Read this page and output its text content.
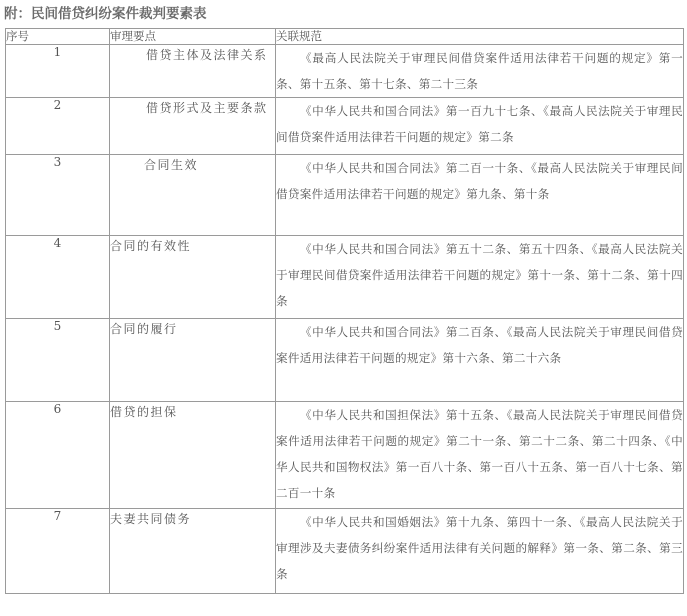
附：民间借贷纠纷案件裁判要素表
序号	审理要点	关联规范
1	借贷主体及法律关系	《最高人民法院关于审理民间借贷案件适用法律若干问题的规定》第一条、第十五条、第十七条、第二十三条
2	借贷形式及主要条款	《中华人民共和国合同法》第一百九十七条、《最高人民法院关于审理民间借贷案件适用法律若干问题的规定》第二条
3	合同生效	《中华人民共和国合同法》第二百一十条、《最高人民法院关于审理民间借贷案件适用法律若干问题的规定》第九条、第十条
4	合同的有效性	《中华人民共和国合同法》第五十二条、第五十四条、《最高人民法院关于审理民间借贷案件适用法律若干问题的规定》第十一条、第十二条、第十四条
5	合同的履行	《中华人民共和国合同法》第二百条、《最高人民法院关于审理民间借贷案件适用法律若干问题的规定》第十六条、第二十六条
6	借贷的担保	《中华人民共和国担保法》第十五条、《最高人民法院关于审理民间借贷案件适用法律若干问题的规定》第二十一条、第二十二条、第二十四条、《中华人民共和国物权法》第一百八十条、第一百八十五条、第一百八十七条、第二百一十条
7	夫妻共同债务	《中华人民共和国婚姻法》第十九条、第四十一条、《最高人民法院关于审理涉及夫妻债务纠纷案件适用法律有关问题的解释》第一条、第二条、第三条
